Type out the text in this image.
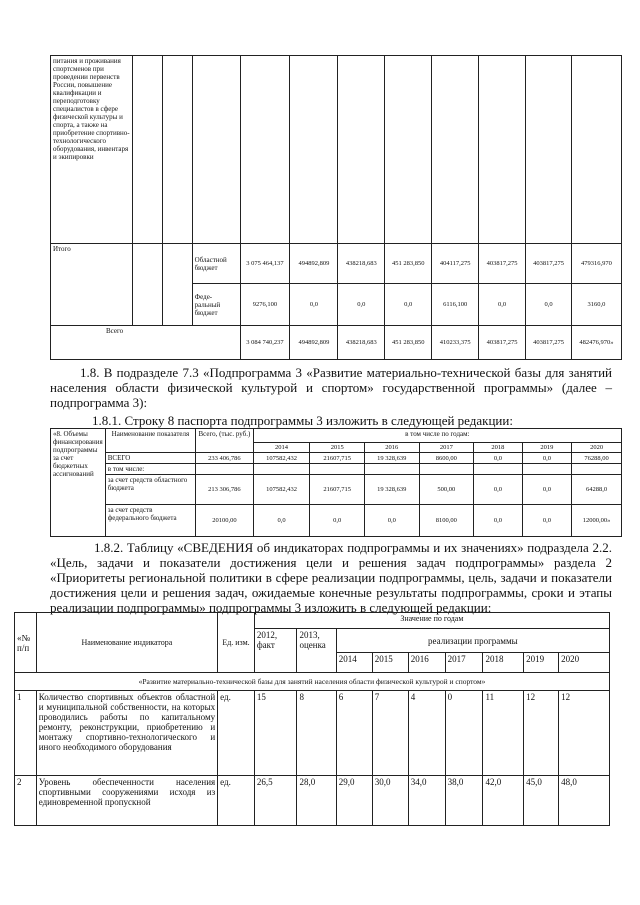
питания и проживания спортсменов при проведении первенств России, повышение квалификации и переподготовку специалистов в сфере физической культуры и спорта, а также на приобретение спортивно-технологического оборудования, инвентаря и экипировки											
Итого			Областной бюджет	3 075 464,137	494892,809	438218,683	451 283,850	404117,275	403817,275	403817,275	479316,970
			Феде-ральный бюджет	9276,100	0,0	0,0	0,0	6116,100	0,0	0,0	3160,0
Всего				3 084 740,237	494892,809	438218,683	451 283,850	410233,375	403817,275	403817,275	482476,970»
1.8. В подразделе 7.3 «Подпрограмма 3 «Развитие материально-технической базы для занятий населения области физической культурой и спортом» государственной программы» (далее – подпрограмма 3):
1.8.1. Строку 8 паспорта подпрограммы 3 изложить в следующей редакции:
«8. Объемы финансирования подпрограммы за счет бюджетных ассигнований	Наименование показателя	Всего, (тыс. руб.)	в том числе по годам:						
			2014	2015	2016	2017	2018	2019	2020
	ВСЕГО	233 406,786	107582,432	21607,715	19 328,639	8600,00	0,0	0,0	76288,00
	в том числе:								
	за счет средств областного бюджета	213 306,786	107582,432	21607,715	19 328,639	500,00	0,0	0,0	64288,0
	за счет средств федерального бюджета	20100,00	0,0	0,0	0,0	8100,00	0,0	0,0	12000,00»
1.8.2. Таблицу «СВЕДЕНИЯ об индикаторах подпрограммы и их значениях» подраздела 2.2. «Цель, задачи и показатели достижения цели и решения задач подпрограммы» раздела 2 «Приоритеты региональной политики в сфере реализации подпрограммы, цель, задачи и показатели достижения цели и решения задач, ожидаемые конечные результаты подпрограммы, сроки и этапы реализации подпрограммы» подпрограммы 3 изложить в следующей редакции:
«№ п/п	Наименование индикатора	Ед. изм.	Значение по годам								
			2012, факт	2013, оценка	реализации программы						
					2014	2015	2016	2017	2018	2019	2020
«Развитие материально-технической базы для занятий населения области физической культурой и спортом»											
1	Количество спортивных объектов областной и муниципальной собственности, на которых проводились работы по капитальному ремонту, реконструкции, приобретению и монтажу спортивно-технологического и иного необходимого оборудования	ед.	15	8	6	7	4	0	11	12	12
2	Уровень обеспеченности населения спортивными сооружениями исходя из единовременной пропускной	ед.	26,5	28,0	29,0	30,0	34,0	38,0	42,0	45,0	48,0
